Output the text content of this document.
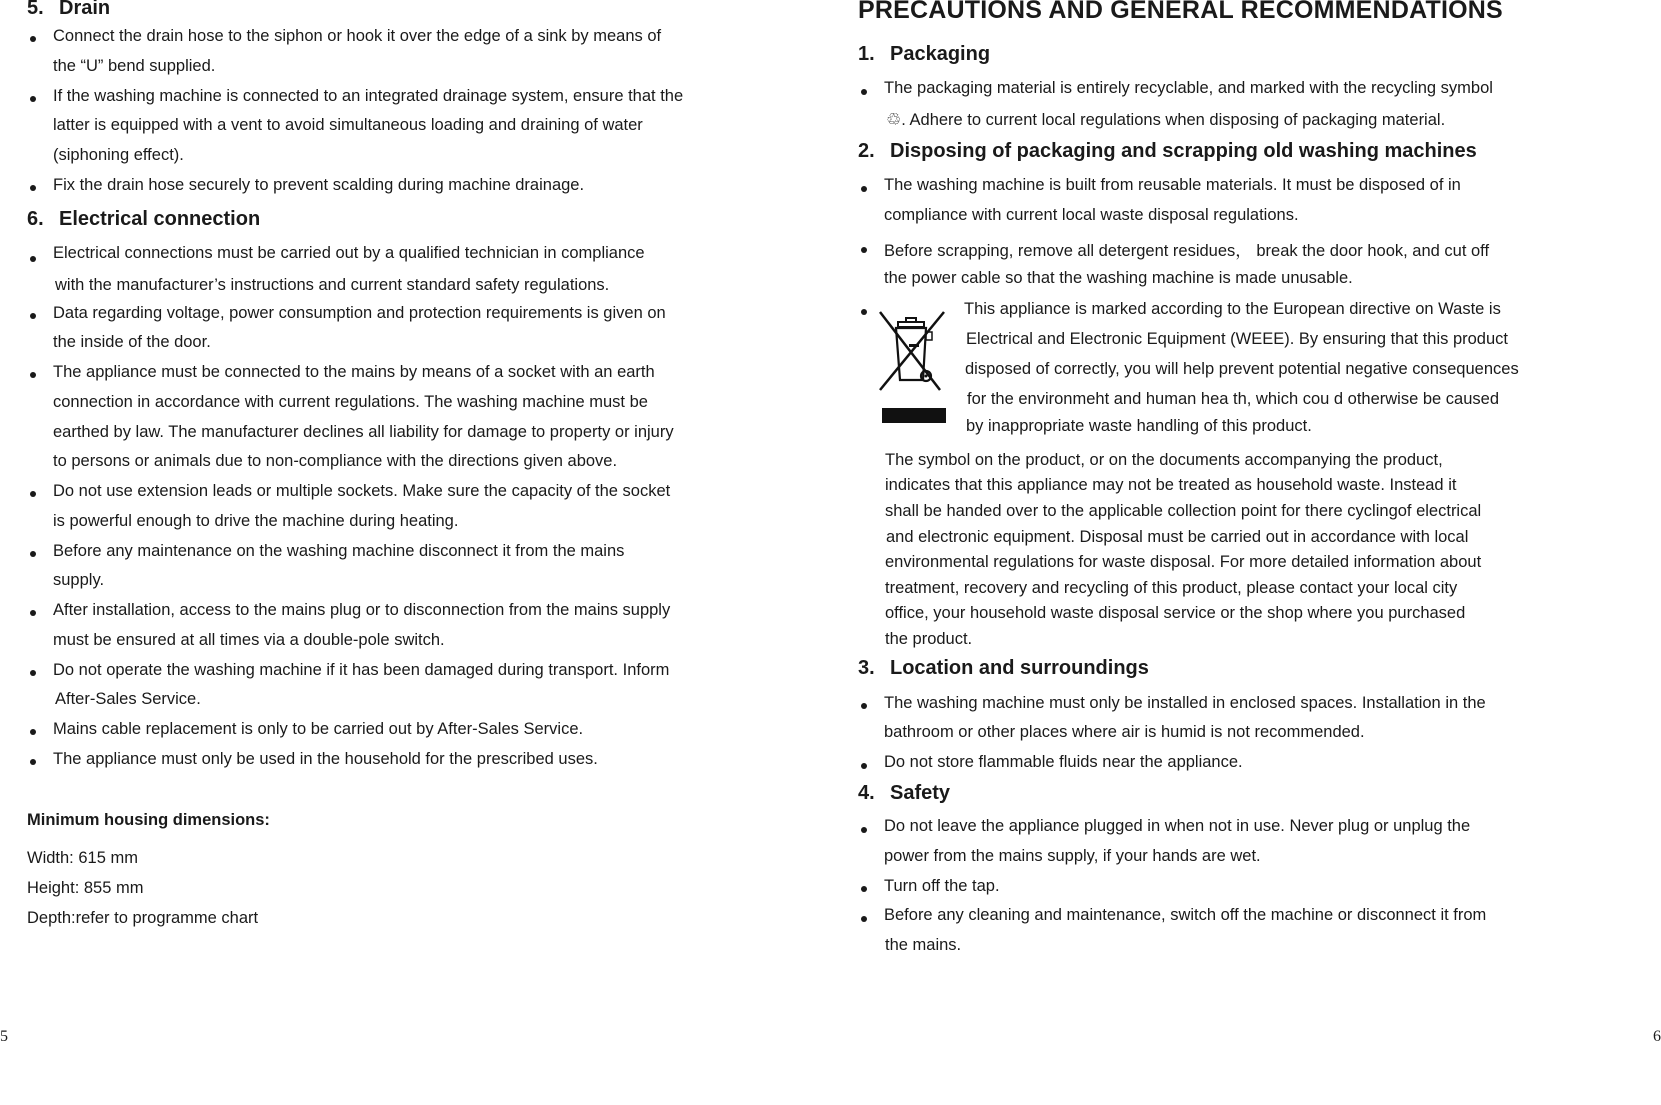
5. Drain
Connect the drain hose to the siphon or hook it over the edge of a sink by means of
the “U” bend supplied.
If the washing machine is connected to an integrated drainage system, ensure that the
latter is equipped with a vent to avoid simultaneous loading and draining of water
(siphoning effect).
Fix the drain hose securely to prevent scalding during machine drainage.
6. Electrical connection
Electrical connections must be carried out by a qualified technician in compliance
with the manufacturer’s instructions and current standard safety regulations.
Data regarding voltage, power consumption and protection requirements is given on
the inside of the door.
The appliance must be connected to the mains by means of a socket with an earth
connection in accordance with current regulations. The washing machine must be
earthed by law. The manufacturer declines all liability for damage to property or injury
to persons or animals due to non-compliance with the directions given above.
Do not use extension leads or multiple sockets. Make sure the capacity of the socket
is powerful enough to drive the machine during heating.
Before any maintenance on the washing machine disconnect it from the mains
supply.
After installation, access to the mains plug or to disconnection from the mains supply
must be ensured at all times via a double-pole switch.
Do not operate the washing machine if it has been damaged during transport. Inform
After-Sales Service.
Mains cable replacement is only to be carried out by After-Sales Service.
The appliance must only be used in the household for the prescribed uses.
Minimum housing dimensions:
Width: 615 mm
Height: 855 mm
Depth:refer to programme chart
5
PRECAUTIONS AND GENERAL RECOMMENDATIONS
1. Packaging
The packaging material is entirely recyclable, and marked with the recycling symbol
♲. Adhere to current local regulations when disposing of packaging material.
2. Disposing of packaging and scrapping old washing machines
The washing machine is built from reusable materials. It must be disposed of in
compliance with current local waste disposal regulations.
Before scrapping, remove all detergent residues， break the door hook, and cut off
the power cable so that the washing machine is made unusable.
This appliance is marked according to the European directive on Waste is
Electrical and Electronic Equipment (WEEE). By ensuring that this product
disposed of correctly, you will help prevent potential negative consequences
for the environmeht and human hea th, which cou d otherwise be caused
by inappropriate waste handling of this product.
The symbol on the product, or on the documents accompanying the product,
indicates that this appliance may not be treated as household waste. Instead it
shall be handed over to the applicable collection point for there cyclingof electrical
and electronic equipment. Disposal must be carried out in accordance with local
environmental regulations for waste disposal. For more detailed information about
treatment, recovery and recycling of this product, please contact your local city
office, your household waste disposal service or the shop where you purchased
the product.
3. Location and surroundings
The washing machine must only be installed in enclosed spaces. Installation in the
bathroom or other places where air is humid is not recommended.
Do not store flammable fluids near the appliance.
4. Safety
Do not leave the appliance plugged in when not in use. Never plug or unplug the
power from the mains supply, if your hands are wet.
Turn off the tap.
Before any cleaning and maintenance, switch off the machine or disconnect it from
the mains.
6
